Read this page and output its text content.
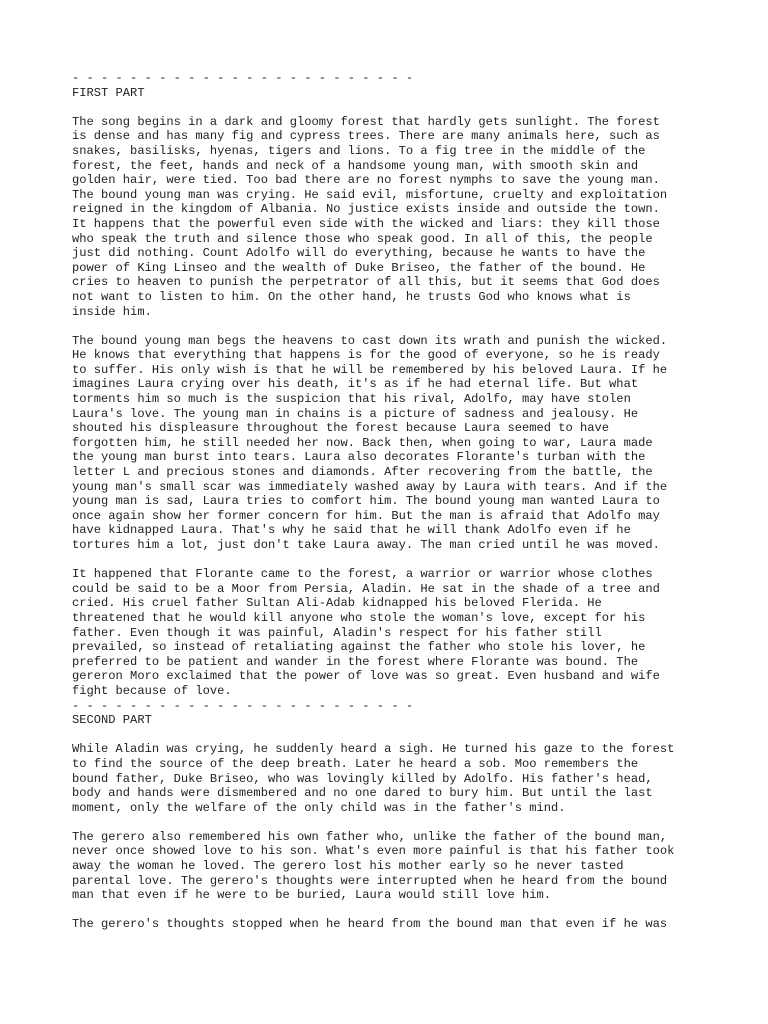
- - - - - - - - - - - - - - - - - - - - - - - -
FIRST PART
The song begins in a dark and gloomy forest that hardly gets sunlight. The forest
is dense and has many fig and cypress trees. There are many animals here, such as
snakes, basilisks, hyenas, tigers and lions. To a fig tree in the middle of the
forest, the feet, hands and neck of a handsome young man, with smooth skin and
golden hair, were tied. Too bad there are no forest nymphs to save the young man.
The bound young man was crying. He said evil, misfortune, cruelty and exploitation
reigned in the kingdom of Albania. No justice exists inside and outside the town.
It happens that the powerful even side with the wicked and liars: they kill those
who speak the truth and silence those who speak good. In all of this, the people
just did nothing. Count Adolfo will do everything, because he wants to have the
power of King Linseo and the wealth of Duke Briseo, the father of the bound. He
cries to heaven to punish the perpetrator of all this, but it seems that God does
not want to listen to him. On the other hand, he trusts God who knows what is
inside him.
The bound young man begs the heavens to cast down its wrath and punish the wicked.
He knows that everything that happens is for the good of everyone, so he is ready
to suffer. His only wish is that he will be remembered by his beloved Laura. If he
imagines Laura crying over his death, it's as if he had eternal life. But what
torments him so much is the suspicion that his rival, Adolfo, may have stolen
Laura's love. The young man in chains is a picture of sadness and jealousy. He
shouted his displeasure throughout the forest because Laura seemed to have
forgotten him, he still needed her now. Back then, when going to war, Laura made
the young man burst into tears. Laura also decorates Florante's turban with the
letter L and precious stones and diamonds. After recovering from the battle, the
young man's small scar was immediately washed away by Laura with tears. And if the
young man is sad, Laura tries to comfort him. The bound young man wanted Laura to
once again show her former concern for him. But the man is afraid that Adolfo may
have kidnapped Laura. That's why he said that he will thank Adolfo even if he
tortures him a lot, just don't take Laura away. The man cried until he was moved.
It happened that Florante came to the forest, a warrior or warrior whose clothes
could be said to be a Moor from Persia, Aladin. He sat in the shade of a tree and
cried. His cruel father Sultan Ali-Adab kidnapped his beloved Flerida. He
threatened that he would kill anyone who stole the woman's love, except for his
father. Even though it was painful, Aladin's respect for his father still
prevailed, so instead of retaliating against the father who stole his lover, he
preferred to be patient and wander in the forest where Florante was bound. The
gereron Moro exclaimed that the power of love was so great. Even husband and wife
fight because of love.
- - - - - - - - - - - - - - - - - - - - - - - -
SECOND PART
While Aladin was crying, he suddenly heard a sigh. He turned his gaze to the forest
to find the source of the deep breath. Later he heard a sob. Moo remembers the
bound father, Duke Briseo, who was lovingly killed by Adolfo. His father's head,
body and hands were dismembered and no one dared to bury him. But until the last
moment, only the welfare of the only child was in the father's mind.
The gerero also remembered his own father who, unlike the father of the bound man,
never once showed love to his son. What's even more painful is that his father took
away the woman he loved. The gerero lost his mother early so he never tasted
parental love. The gerero's thoughts were interrupted when he heard from the bound
man that even if he were to be buried, Laura would still love him.
The gerero's thoughts stopped when he heard from the bound man that even if he was
